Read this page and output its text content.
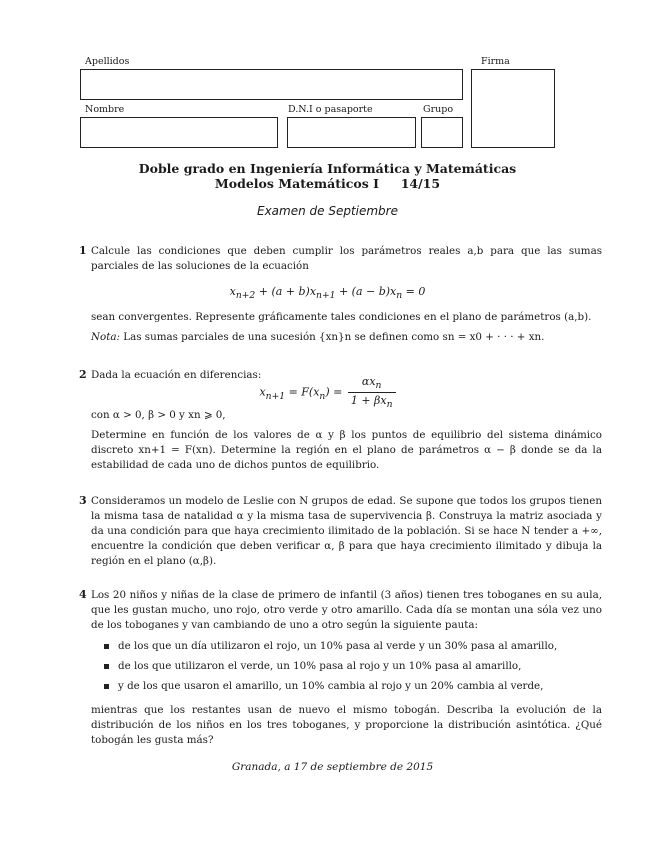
Apellidos	Firma
Nombre	D.N.I o pasaporte	Grupo
Doble grado en Ingeniería Informática y Matemáticas
Modelos Matemáticos I     14/15
Examen de Septiembre
1 Calcule las condiciones que deben cumplir los parámetros reales a,b para que las sumas parciales de las soluciones de la ecuación
$x_{n+2} + (a + b)x_{n+1} + (a - b)x_n = 0$
sean convergentes. Represente gráficamente tales condiciones en el plano de parámetros (a,b).
Nota: Las sumas parciales de una sucesión {xn}n se definen como sn = x0 + · · · + xn.
2 Dada la ecuación en diferencias:
$x_{n+1} = F(x_n) = \frac{\alpha x_n}{1 + \beta x_n}$
con α > 0, β > 0 y xn ⩾ 0,
Determine en función de los valores de α y β los puntos de equilibrio del sistema dinámico discreto xn+1 = F(xn). Determine la región en el plano de parámetros α − β donde se da la estabilidad de cada uno de dichos puntos de equilibrio.
3 Consideramos un modelo de Leslie con N grupos de edad. Se supone que todos los grupos tienen la misma tasa de natalidad α y la misma tasa de supervivencia β. Construya la matriz asociada y da una condición para que haya crecimiento ilimitado de la población. Si se hace N tender a +∞, encuentre la condición que deben verificar α, β para que haya crecimiento ilimitado y dibuja la región en el plano (α,β).
4 Los 20 niños y niñas de la clase de primero de infantil (3 años) tienen tres toboganes en su aula, que les gustan mucho, uno rojo, otro verde y otro amarillo. Cada día se montan una sóla vez uno de los toboganes y van cambiando de uno a otro según la siguiente pauta:
de los que un día utilizaron el rojo, un 10% pasa al verde y un 30% pasa al amarillo,
de los que utilizaron el verde, un 10% pasa al rojo y un 10% pasa al amarillo,
y de los que usaron el amarillo, un 10% cambia al rojo y un 20% cambia al verde,
mientras que los restantes usan de nuevo el mismo tobogán. Describa la evolución de la distribución de los niños en los tres toboganes, y proporcione la distribución asintótica. ¿Qué tobogán les gusta más?
Granada, a 17 de septiembre de 2015
